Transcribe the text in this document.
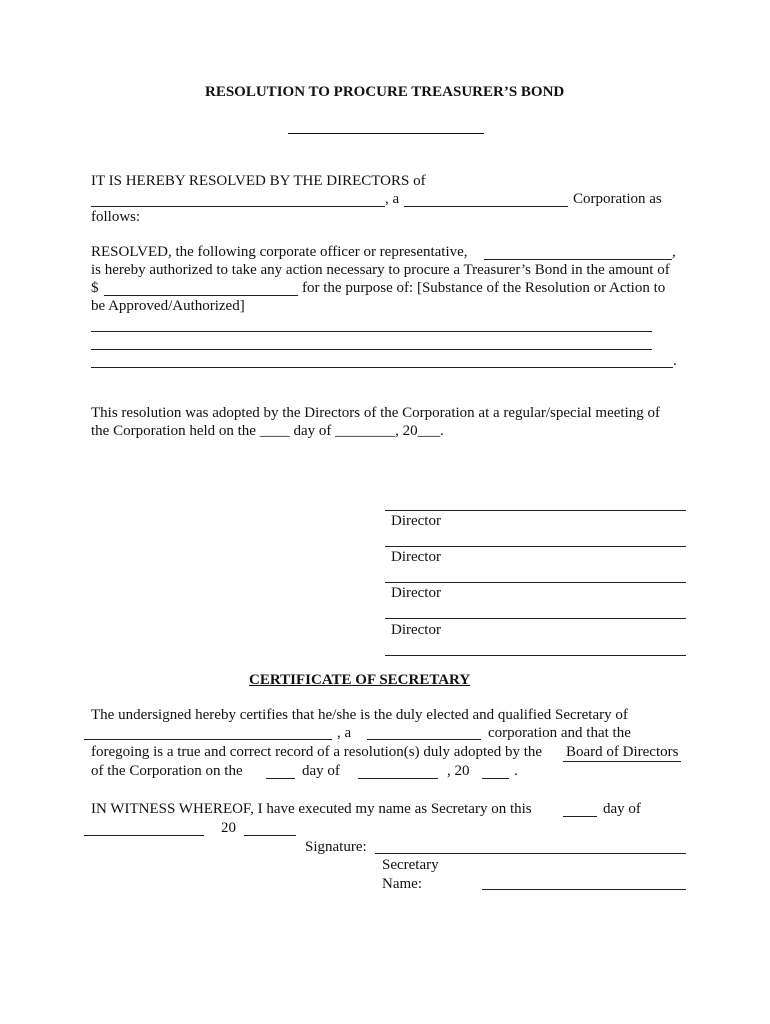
RESOLUTION TO PROCURE TREASURER’S BOND
IT IS HEREBY RESOLVED BY THE DIRECTORS of
, a	Corporation as
follows:
RESOLVED, the following corporate officer or representative,	,
is hereby authorized to take any action necessary to procure a Treasurer’s Bond in the amount of
$	for the purpose of: [Substance of the Resolution or Action to
be Approved/Authorized]
.
This resolution was adopted by the Directors of the Corporation at a regular/special meeting of
the Corporation held on the ____ day of ________, 20___.
Director
Director
Director
Director
CERTIFICATE OF SECRETARY
The undersigned hereby certifies that he/she is the duly elected and qualified Secretary of
, a	corporation and that the
foregoing is a true and correct record of a resolution(s) duly adopted by the Board of Directors
of the Corporation on the	day of	, 20	.
IN WITNESS WHEREOF, I have executed my name as Secretary on this	day of
20
Signature:
Secretary
Name:
